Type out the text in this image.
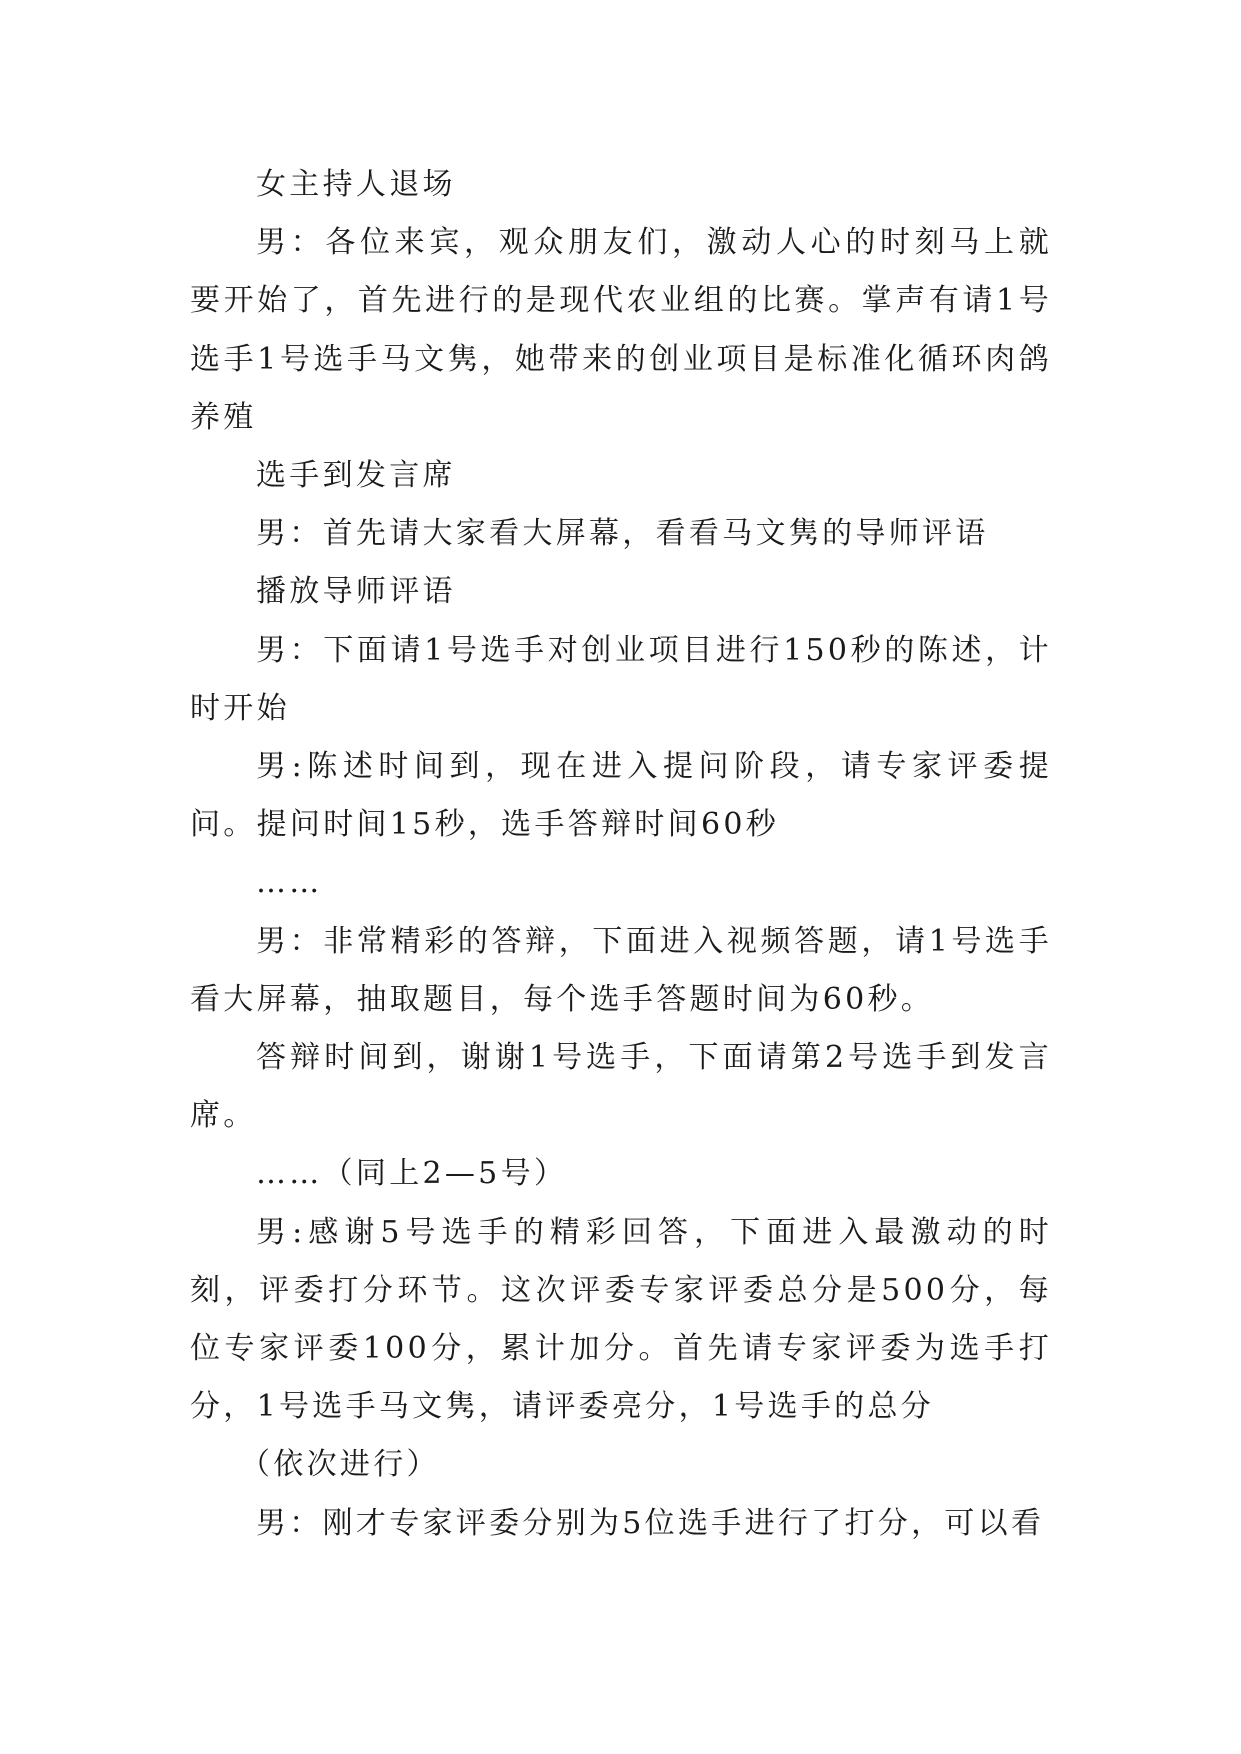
女主持人退场

男：各位来宾，观众朋友们，激动人心的时刻马上就要开始了，首先进行的是现代农业组的比赛。掌声有请1号选手1号选手马文隽，她带来的创业项目是标准化循环肉鸽养殖

选手到发言席

男：首先请大家看大屏幕，看看马文隽的导师评语

播放导师评语

男：下面请1号选手对创业项目进行150秒的陈述，计时开始

男:陈述时间到，现在进入提问阶段，请专家评委提问。提问时间15秒，选手答辩时间60秒

……

男：非常精彩的答辩，下面进入视频答题，请1号选手看大屏幕，抽取题目，每个选手答题时间为60秒。

答辩时间到，谢谢1号选手，下面请第2号选手到发言席。

……（同上2—5号）

男:感谢5号选手的精彩回答，下面进入最激动的时刻，评委打分环节。这次评委专家评委总分是500分，每位专家评委100分，累计加分。首先请专家评委为选手打分，1号选手马文隽，请评委亮分，1号选手的总分

（依次进行）

男：刚才专家评委分别为5位选手进行了打分，可以看
